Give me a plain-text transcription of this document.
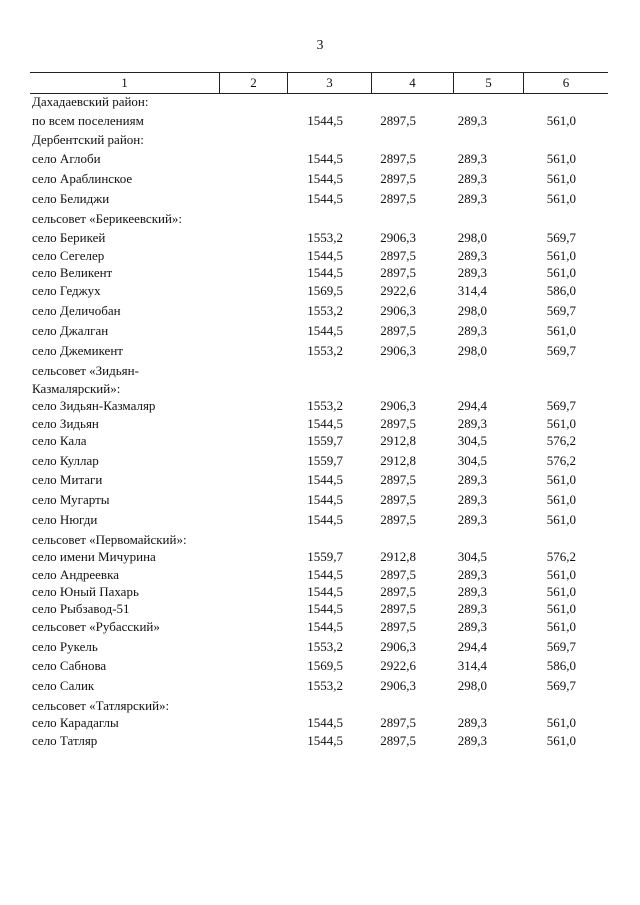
3
1	2	3	4	5	6
Дахадаевский район:
по всем поселениям	1544,5	2897,5	289,3	561,0
Дербентский район:
село Аглоби	1544,5	2897,5	289,3	561,0
село Араблинское	1544,5	2897,5	289,3	561,0
село Белиджи	1544,5	2897,5	289,3	561,0
сельсовет «Берикеевский»:
село Берикей	1553,2	2906,3	298,0	569,7
село Сегелер	1544,5	2897,5	289,3	561,0
село Великент	1544,5	2897,5	289,3	561,0
село Геджух	1569,5	2922,6	314,4	586,0
село Деличобан	1553,2	2906,3	298,0	569,7
село Джалган	1544,5	2897,5	289,3	561,0
село Джемикент	1553,2	2906,3	298,0	569,7
сельсовет «Зидьян-
Казмалярский»:
село Зидьян-Казмаляр	1553,2	2906,3	294,4	569,7
село Зидьян	1544,5	2897,5	289,3	561,0
село Кала	1559,7	2912,8	304,5	576,2
село Куллар	1559,7	2912,8	304,5	576,2
село Митаги	1544,5	2897,5	289,3	561,0
село Мугарты	1544,5	2897,5	289,3	561,0
село Нюгди	1544,5	2897,5	289,3	561,0
сельсовет «Первомайский»:
село имени Мичурина	1559,7	2912,8	304,5	576,2
село Андреевка	1544,5	2897,5	289,3	561,0
село Юный Пахарь	1544,5	2897,5	289,3	561,0
село Рыбзавод-51	1544,5	2897,5	289,3	561,0
сельсовет «Рубасский»	1544,5	2897,5	289,3	561,0
село Рукель	1553,2	2906,3	294,4	569,7
село Сабнова	1569,5	2922,6	314,4	586,0
село Салик	1553,2	2906,3	298,0	569,7
сельсовет «Татлярский»:
село Карадаглы	1544,5	2897,5	289,3	561,0
село Татляр	1544,5	2897,5	289,3	561,0
